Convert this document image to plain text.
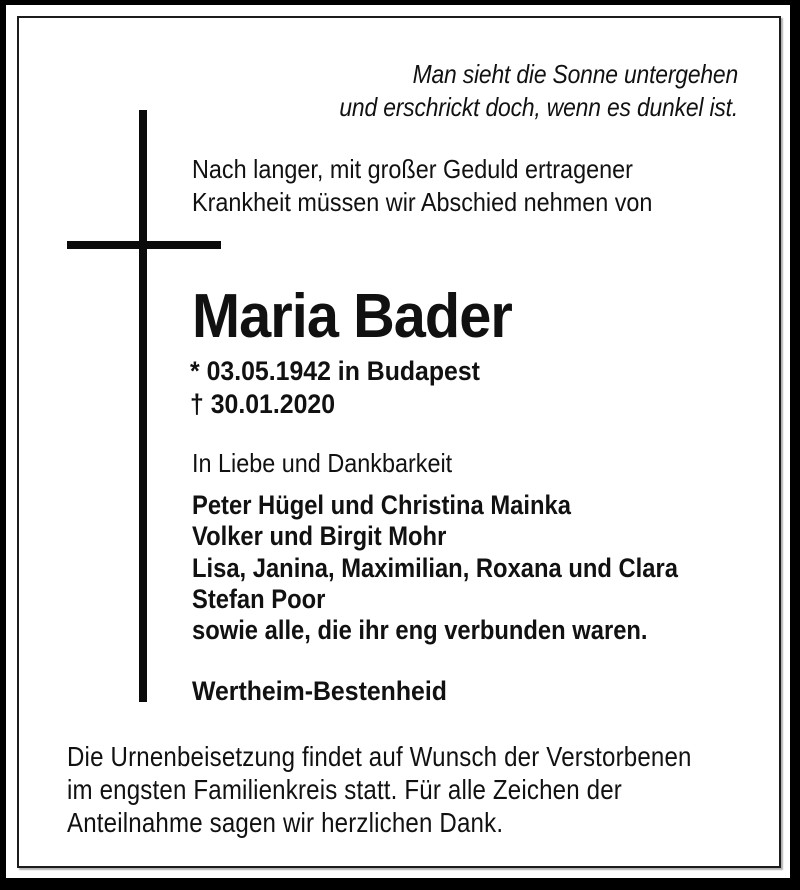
Man sieht die Sonne untergehen
und erschrickt doch, wenn es dunkel ist.
Nach langer, mit großer Geduld ertragener
Krankheit müssen wir Abschied nehmen von
Maria Bader
* 03.05.1942 in Budapest
† 30.01.2020
In Liebe und Dankbarkeit
Peter Hügel und Christina Mainka
Volker und Birgit Mohr
Lisa, Janina, Maximilian, Roxana und Clara
Stefan Poor
sowie alle, die ihr eng verbunden waren.
Wertheim-Bestenheid
Die Urnenbeisetzung findet auf Wunsch der Verstorbenen
im engsten Familienkreis statt. Für alle Zeichen der
Anteilnahme sagen wir herzlichen Dank.
